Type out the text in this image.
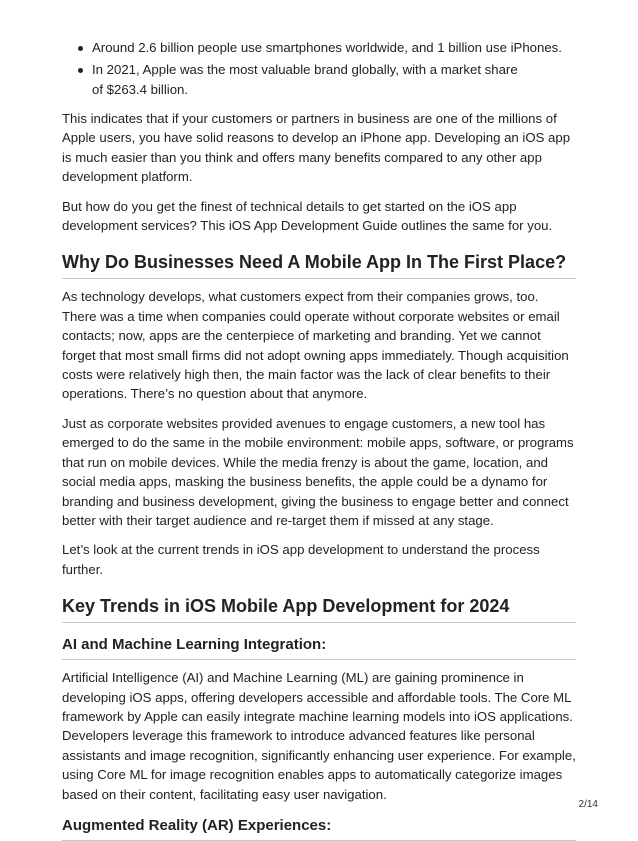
Around 2.6 billion people use smartphones worldwide, and 1 billion use iPhones.
In 2021, Apple was the most valuable brand globally, with a market share of $263.4 billion.

This indicates that if your customers or partners in business are one of the millions of Apple users, you have solid reasons to develop an iPhone app. Developing an iOS app is much easier than you think and offers many benefits compared to any other app development platform.

But how do you get the finest of technical details to get started on the iOS app development services? This iOS App Development Guide outlines the same for you.

Why Do Businesses Need A Mobile App In The First Place?

As technology develops, what customers expect from their companies grows, too. There was a time when companies could operate without corporate websites or email contacts; now, apps are the centerpiece of marketing and branding. Yet we cannot forget that most small firms did not adopt owning apps immediately. Though acquisition costs were relatively high then, the main factor was the lack of clear benefits to their operations. There’s no question about that anymore.

Just as corporate websites provided avenues to engage customers, a new tool has emerged to do the same in the mobile environment: mobile apps, software, or programs that run on mobile devices. While the media frenzy is about the game, location, and social media apps, masking the business benefits, the apple could be a dynamo for branding and business development, giving the business to engage better and connect better with their target audience and re-target them if missed at any stage.

Let’s look at the current trends in iOS app development to understand the process further.

Key Trends in iOS Mobile App Development for 2024
AI and Machine Learning Integration:

Artificial Intelligence (AI) and Machine Learning (ML) are gaining prominence in developing iOS apps, offering developers accessible and affordable tools. The Core ML framework by Apple can easily integrate machine learning models into iOS applications. Developers leverage this framework to introduce advanced features like personal assistants and image recognition, significantly enhancing user experience. For example, using Core ML for image recognition enables apps to automatically categorize images based on their content, facilitating easy user navigation.

Augmented Reality (AR) Experiences:
2/14
